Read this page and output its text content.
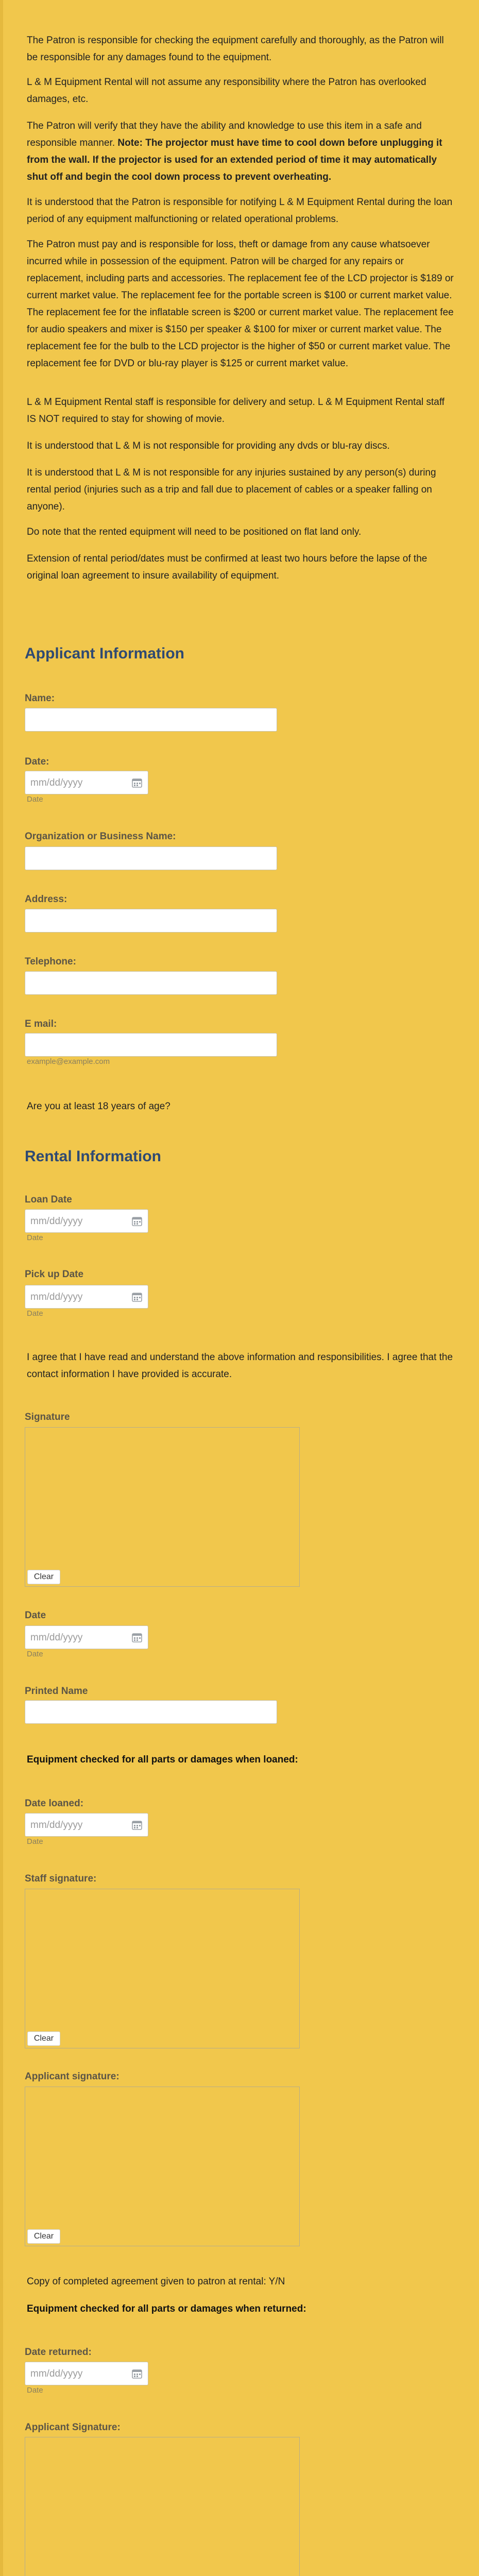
The Patron is responsible for checking the equipment carefully and thoroughly, as the Patron will be responsible for any damages found to the equipment.

L & M Equipment Rental will not assume any responsibility where the Patron has overlooked damages, etc.

The Patron will verify that they have the ability and knowledge to use this item in a safe and responsible manner. Note: The projector must have time to cool down before unplugging it from the wall. If the projector is used for an extended period of time it may automatically shut off and begin the cool down process to prevent overheating.

It is understood that the Patron is responsible for notifying L & M Equipment Rental during the loan period of any equipment malfunctioning or related operational problems.

The Patron must pay and is responsible for loss, theft or damage from any cause whatsoever incurred while in possession of the equipment. Patron will be charged for any repairs or replacement, including parts and accessories. The replacement fee of the LCD projector is $189 or current market value. The replacement fee for the portable screen is $100 or current market value. The replacement fee for the inflatable screen is $200 or current market value. The replacement fee for audio speakers and mixer is $150 per speaker & $100 for mixer or current market value. The replacement fee for the bulb to the LCD projector is the higher of $50 or current market value. The replacement fee for DVD or blu-ray player is $125 or current market value.

L & M Equipment Rental staff is responsible for delivery and setup. L & M Equipment Rental staff IS NOT required to stay for showing of movie.

It is understood that L & M is not responsible for providing any dvds or blu-ray discs.

It is understood that L & M is not responsible for any injuries sustained by any person(s) during rental period (injuries such as a trip and fall due to placement of cables or a speaker falling on anyone).

Do note that the rented equipment will need to be positioned on flat land only.

Extension of rental period/dates must be confirmed at least two hours before the lapse of the original loan agreement to insure availability of equipment.

Applicant Information
Name:
Date:
mm/dd/yyyy
Date
Organization or Business Name:
Address:
Telephone:
E mail:
example@example.com
Are you at least 18 years of age?
Rental Information
Loan Date
mm/dd/yyyy
Date
Pick up Date
mm/dd/yyyy
Date

I agree that I have read and understand the above information and responsibilities. I agree that the contact information I have provided is accurate.

Signature
Clear
Date
mm/dd/yyyy
Date
Printed Name
Equipment checked for all parts or damages when loaned:
Date loaned:
mm/dd/yyyy
Date
Staff signature:
Clear
Applicant signature:
Clear
Copy of completed agreement given to patron at rental: Y/N
Equipment checked for all parts or damages when returned:
Date returned:
mm/dd/yyyy
Date
Applicant Signature:
